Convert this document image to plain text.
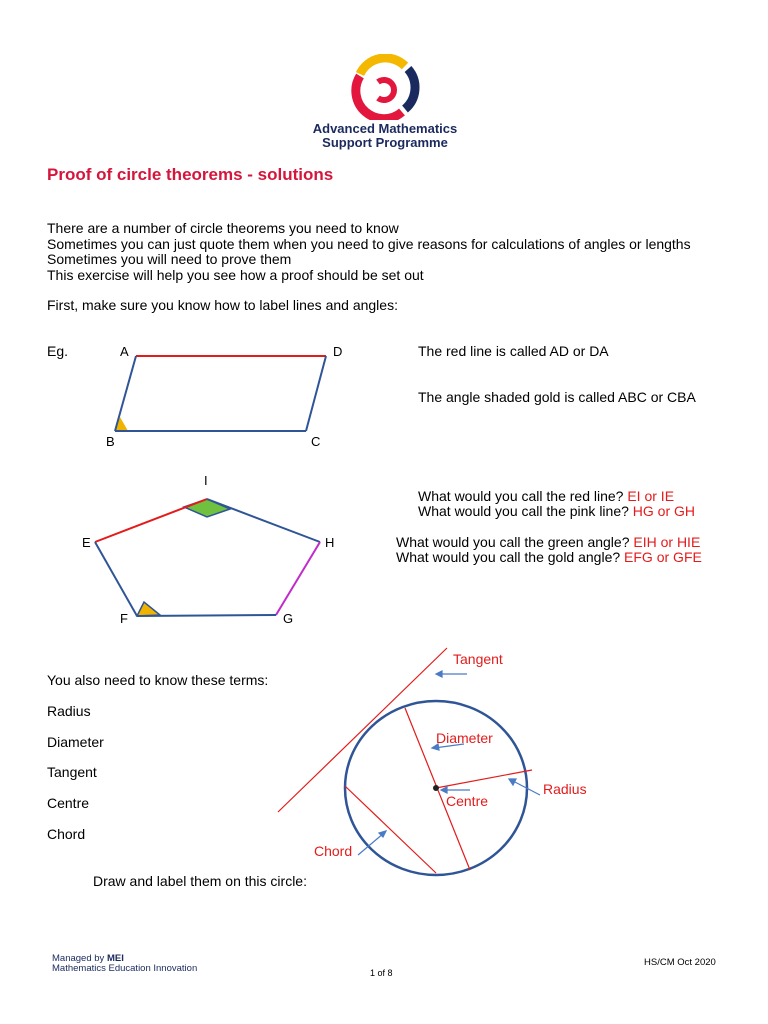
Advanced Mathematics
Support Programme
Proof of circle theorems - solutions
There are a number of circle theorems you need to know
Sometimes you can just quote them when you need to give reasons for calculations of angles or lengths
Sometimes you will need to prove them
This exercise will help you see how a proof should be set out
First, make sure you know how to label lines and angles:
Eg.	A	D
B	C
The red line is called AD or DA
The angle shaded gold is called ABC or CBA
I
E	H
F	G
What would you call the red line? EI or IE
What would you call the pink line? HG or GH
What would you call the green angle? EIH or HIE
What would you call the gold angle? EFG or GFE
You also need to know these terms:
Radius
Diameter
Tangent
Centre
Chord
Draw and label them on this circle:
Tangent
Diameter
Radius
Centre
Chord
Managed by MEI
Mathematics Education Innovation
HS/CM Oct 2020
1 of 8
